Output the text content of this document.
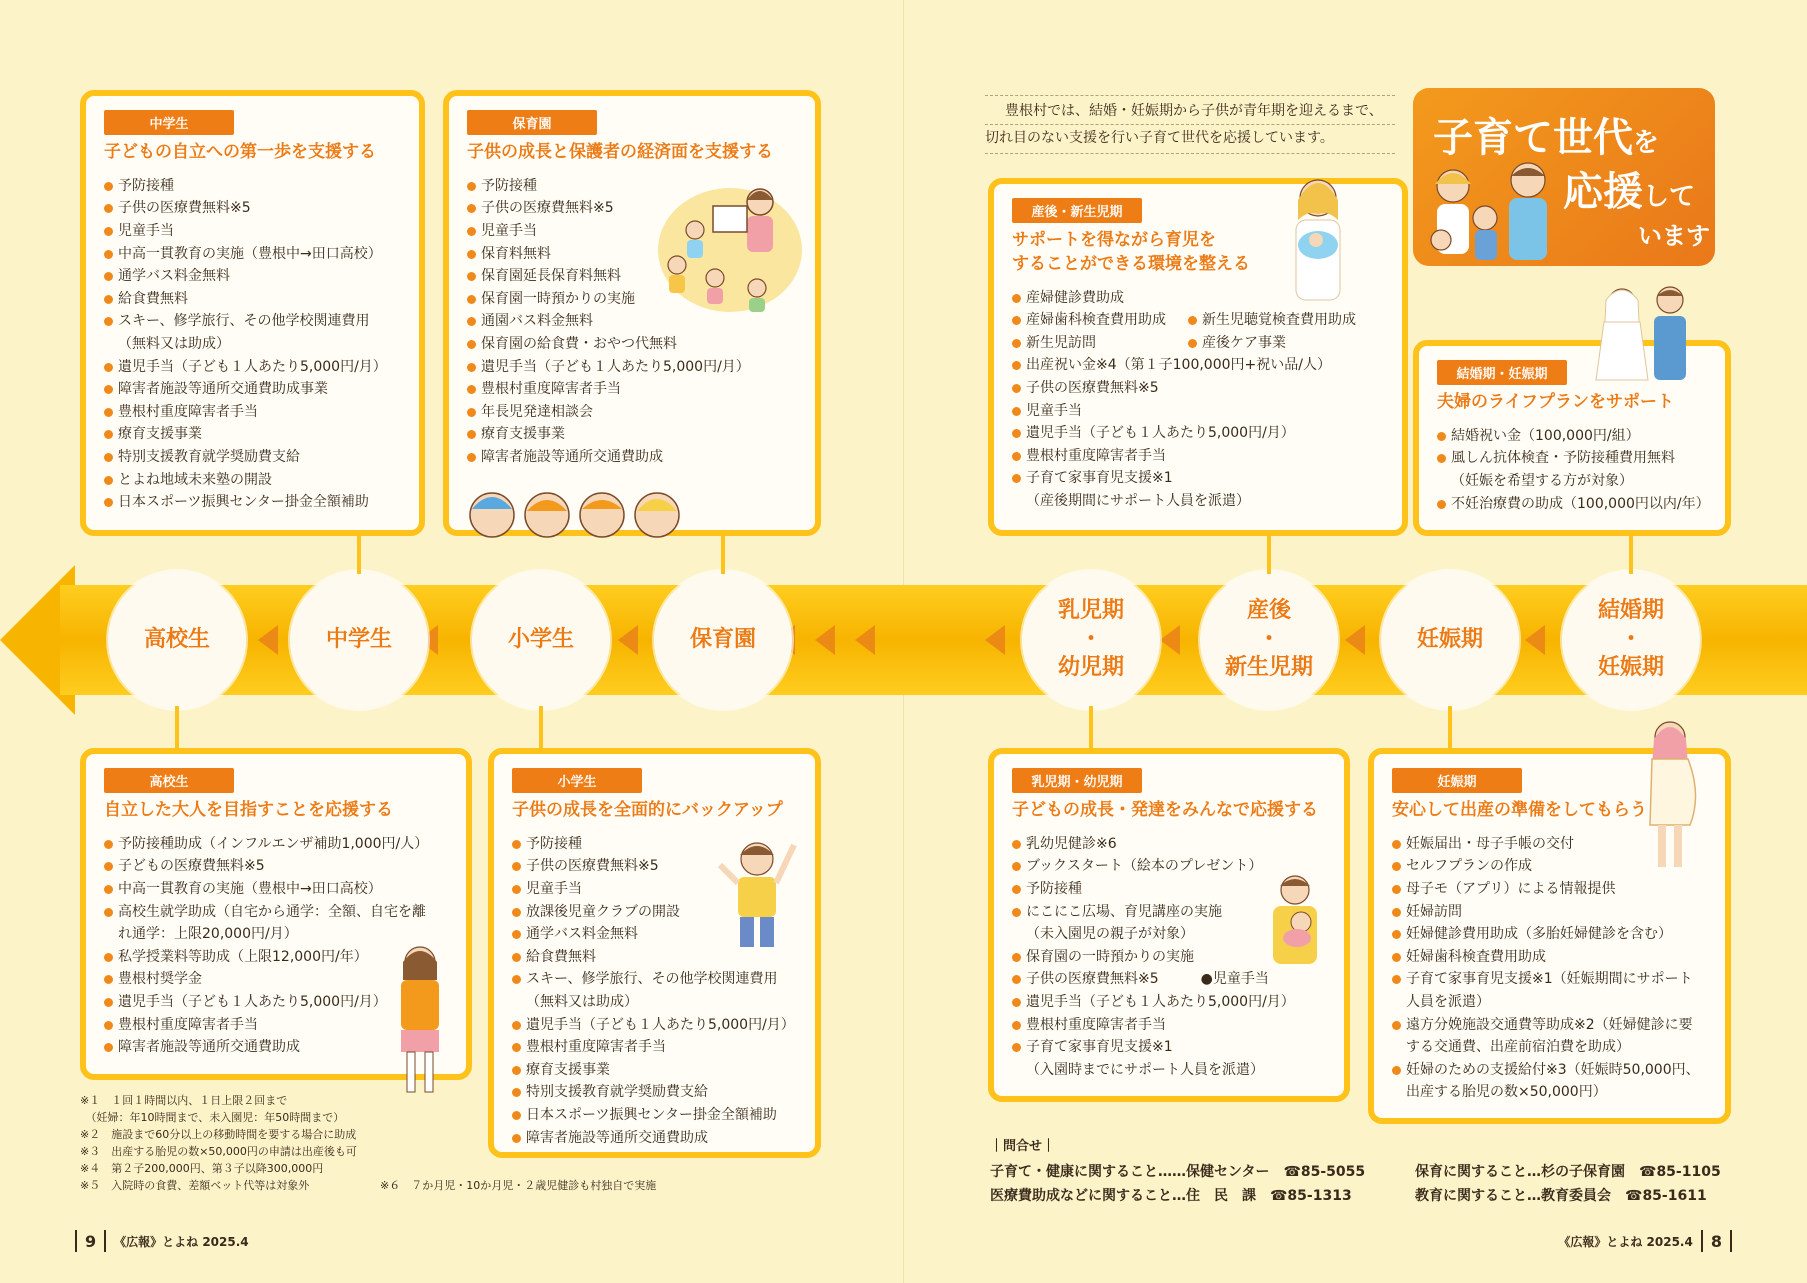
高校生	中学生	小学生	保育園
乳児期
・
幼児期
産後
・
新生児期
妊娠期
結婚期
・
妊娠期
中学生
子どもの自立への第一歩を支援する
予防接種
子供の医療費無料※5
児童手当
中高一貫教育の実施（豊根中→田口高校）
通学バス料金無料
給食費無料
スキー、修学旅行、その他学校関連費用
（無料又は助成）
遺児手当（子ども１人あたり5,000円/月）
障害者施設等通所交通費助成事業
豊根村重度障害者手当
療育支援事業
特別支援教育就学奨励費支給
とよね地域未来塾の開設
日本スポーツ振興センター掛金全額補助
保育園
子供の成長と保護者の経済面を支援する
予防接種
子供の医療費無料※5
児童手当
保育料無料
保育園延長保育料無料
保育園一時預かりの実施
通園バス料金無料
保育園の給食費・おやつ代無料
遺児手当（子ども１人あたり5,000円/月）
豊根村重度障害者手当
年長児発達相談会
療育支援事業
障害者施設等通所交通費助成
豊根村では、結婚・妊娠期から子供が青年期を迎えるまで、
切れ目のない支援を行い子育て世代を応援しています。	子育て世代を
応援して
います
産後・新生児期
サポートを得ながら育児を
することができる環境を整える
産婦健診費助成
産婦歯科検査費用助成
新生児訪問
新生児聴覚検査費用助成
産後ケア事業
出産祝い金※4（第１子100,000円+祝い品/人）
子供の医療費無料※5
児童手当
遺児手当（子ども１人あたり5,000円/月）
豊根村重度障害者手当
子育て家事育児支援※1
（産後期間にサポート人員を派遣）
結婚期・妊娠期
夫婦のライフプランをサポート
結婚祝い金（100,000円/組）
風しん抗体検査・予防接種費用無料
（妊娠を希望する方が対象）
不妊治療費の助成（100,000円以内/年）
高校生
自立した大人を目指すことを応援する
予防接種助成（インフルエンザ補助1,000円/人）
子どもの医療費無料※5
中高一貫教育の実施（豊根中→田口高校）
高校生就学助成（自宅から通学：全額、自宅を離
れ通学：上限20,000円/月）
私学授業料等助成（上限12,000円/年）
豊根村奨学金
遺児手当（子ども１人あたり5,000円/月）
豊根村重度障害者手当
障害者施設等通所交通費助成
小学生
子供の成長を全面的にバックアップ
予防接種
子供の医療費無料※5
児童手当
放課後児童クラブの開設
通学バス料金無料
給食費無料
スキー、修学旅行、その他学校関連費用
（無料又は助成）
遺児手当（子ども１人あたり5,000円/月）
豊根村重度障害者手当
療育支援事業
特別支援教育就学奨励費支給
日本スポーツ振興センター掛金全額補助
障害者施設等通所交通費助成
乳児期・幼児期
子どもの成長・発達をみんなで応援する
乳幼児健診※6
ブックスタート（絵本のプレゼント）
予防接種
にこにこ広場、育児講座の実施
（未入園児の親子が対象）
保育園の一時預かりの実施
子供の医療費無料※5　　　●児童手当
遺児手当（子ども１人あたり5,000円/月）
豊根村重度障害者手当
子育て家事育児支援※1
（入園時までにサポート人員を派遣）
妊娠期
安心して出産の準備をしてもらう
妊娠届出・母子手帳の交付
セルフプランの作成
母子モ（アプリ）による情報提供
妊婦訪問
妊婦健診費用助成（多胎妊婦健診を含む）
妊婦歯科検査費用助成
子育て家事育児支援※1（妊娠期間にサポート
人員を派遣）
遠方分娩施設交通費等助成※2（妊婦健診に要
する交通費、出産前宿泊費を助成）
妊婦のための支援給付※3（妊娠時50,000円、
出産する胎児の数×50,000円）
※１　１回１時間以内、１日上限２回まで
　（妊婦：年10時間まで、未入園児：年50時間まで）
※２　施設まで60分以上の移動時間を要する場合に助成
※３　出産する胎児の数×50,000円の申請は出産後も可
※４　第２子200,000円、第３子以降300,000円
※５　入院時の食費、差額ベット代等は対象外	※６　７か月児・10か月児・２歳児健診も村独自で実施
｜問合せ｜
子育て・健康に関すること……保健センター　☎85-5055	保育に関すること…杉の子保育園　☎85-1105
医療費助成などに関すること…住　民　課　☎85-1313	教育に関すること…教育委員会　☎85-1611
9 《広報》とよね 2025.4	《広報》とよね 2025.4 8
